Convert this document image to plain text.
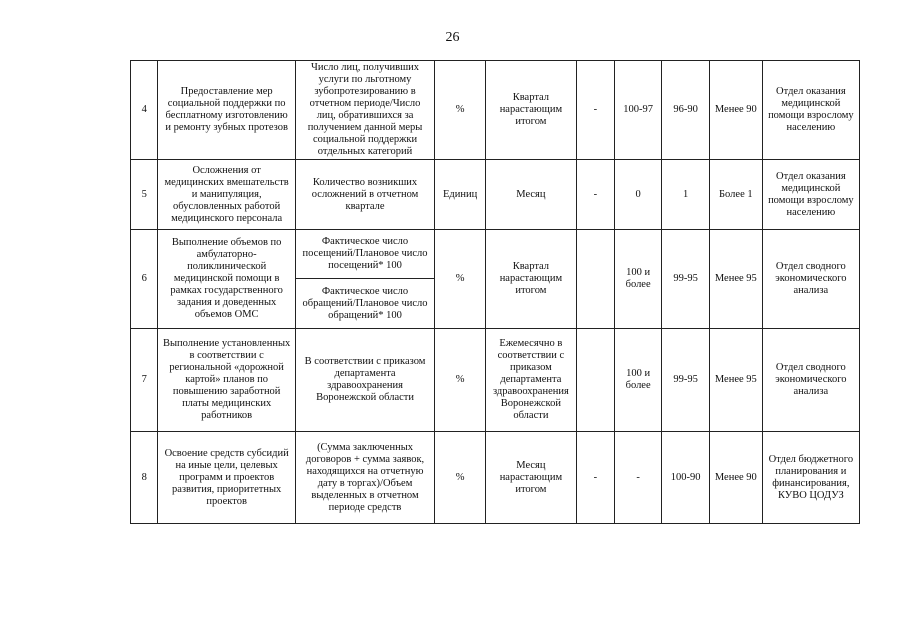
26
4	Предоставление мер социальной поддержки по бесплатному изготовлению и ремонту зубных протезов	Число лиц, получивших услуги по льготному зубопротезированию в отчетном периоде/Число лиц, обратившихся за получением данной меры социальной поддержки отдельных категорий	%	Квартал нарастающим итогом	-	100-97	96-90	Менее 90	Отдел оказания медицинской помощи взрослому населению
5	Осложнения от медицинских вмешательств и манипуляция, обусловленных работой медицинского персонала	Количество возникших осложнений в отчетном квартале	Единиц	Месяц	-	0	1	Более 1	Отдел оказания медицинской помощи взрослому населению
6	Выполнение объемов по амбулаторно-поликлинической медицинской помощи в рамках государственного задания и доведенных объемов ОМС	Фактическое число посещений/Плановое число посещений* 100	%	Квартал нарастающим итогом		100 и более	99-95	Менее 95	Отдел сводного экономического анализа
		Фактическое число обращений/Плановое число обращений* 100							
7	Выполнение установленных в соответствии с региональной «дорожной картой» планов по повышению заработной платы медицинских работников	В соответствии с приказом департамента здравоохранения Воронежской области	%	Ежемесячно в соответствии с приказом департамента здравоохранения Воронежской области		100 и более	99-95	Менее 95	Отдел сводного экономического анализа
8	Освоение средств субсидий на иные цели, целевых программ и проектов развития, приоритетных проектов	(Сумма заключенных договоров + сумма заявок, находящихся на отчетную дату в торгах)/Объем выделенных в отчетном периоде средств	%	Месяц нарастающим итогом	-	-	100-90	Менее 90	Отдел бюджетного планирования и финансирования, КУВО ЦОДУЗ
